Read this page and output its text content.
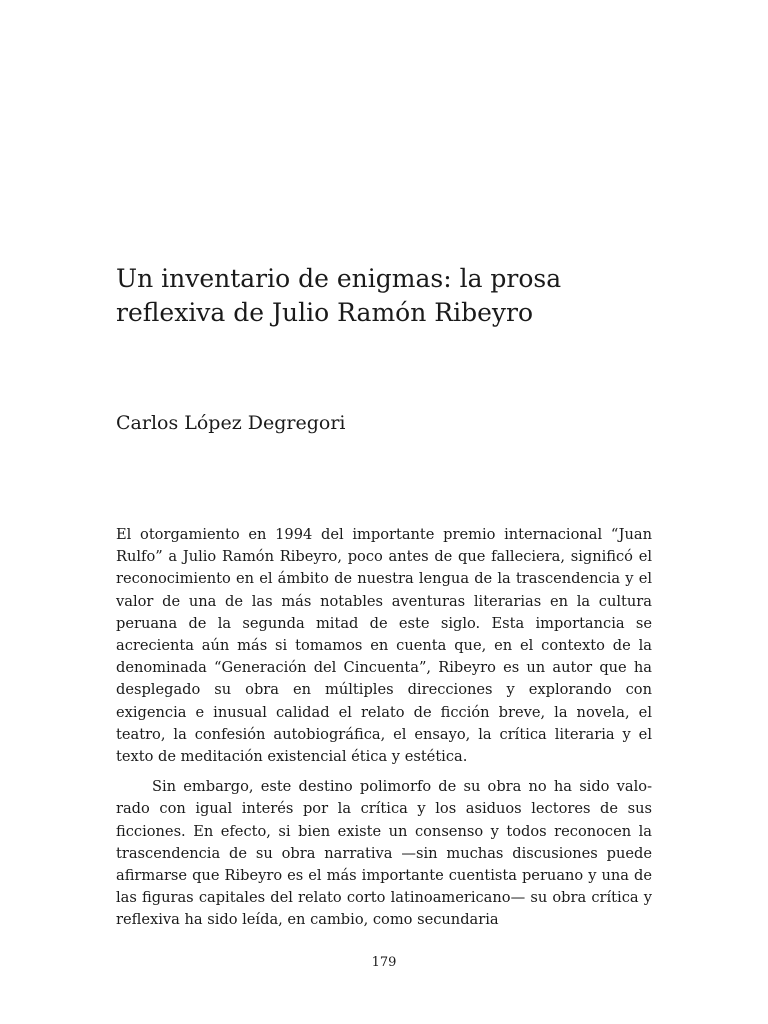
Un inventario de enigmas: la prosa reflexiva de Julio Ramón Ribeyro

Carlos López Degregori

El otorgamiento en 1994 del importante premio internacional “Juan Rulfo” a Julio Ramón Ribeyro, poco antes de que falleciera, significó el reconocimiento en el ámbito de nuestra lengua de la trascendencia y el valor de una de las más notables aventuras literarias en la cultura peruana de la segunda mitad de este siglo. Esta importancia se acrecienta aún más si tomamos en cuenta que, en el contexto de la denominada “Generación del Cincuenta”, Ribeyro es un autor que ha desplegado su obra en múltiples direcciones y explorando con exigencia e inusual calidad el relato de ficción breve, la novela, el teatro, la confesión autobiográfica, el ensayo, la crítica literaria y el texto de meditación existencial ética y estética.

Sin embargo, este destino polimorfo de su obra no ha sido valorado con igual interés por la crítica y los asiduos lectores de sus ficciones. En efecto, si bien existe un consenso y todos reconocen la trascendencia de su obra narrativa —sin muchas discusiones puede afirmarse que Ribeyro es el más importante cuentista peruano y una de las figuras capitales del relato corto latinoamericano— su obra crítica y reflexiva ha sido leída, en cambio, como secundaria

179
